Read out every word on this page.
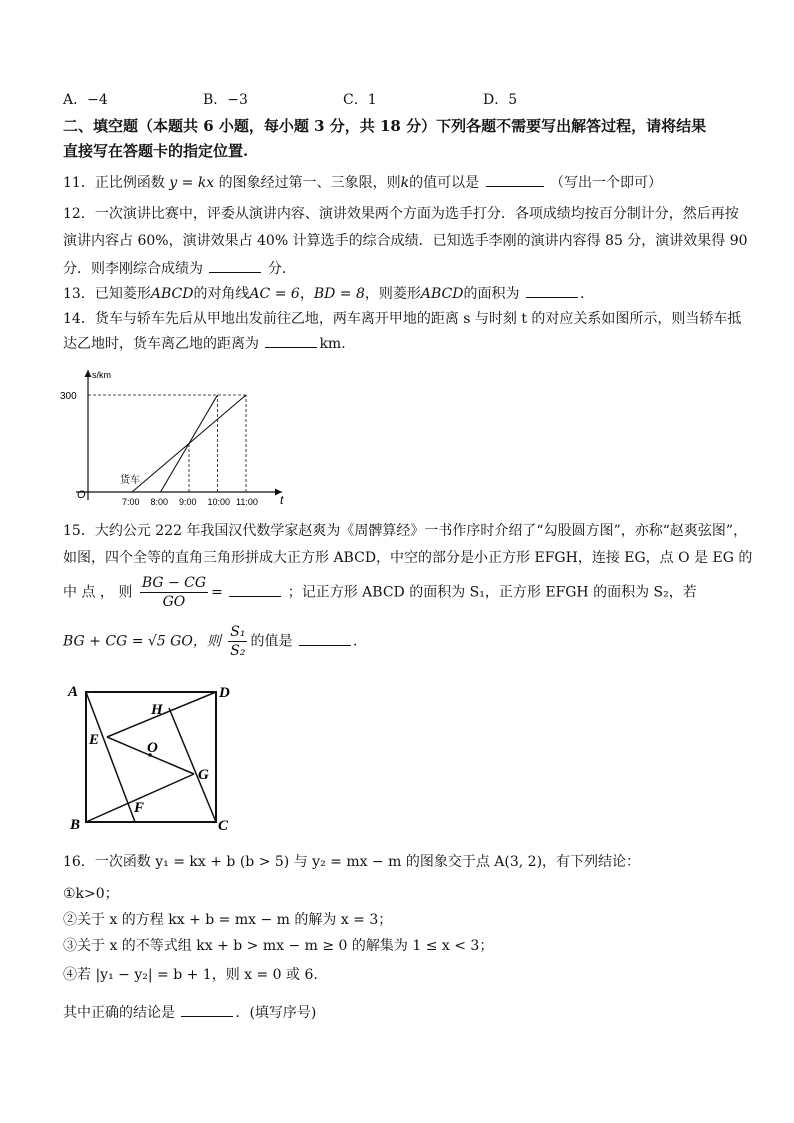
A．−4	B．−3	C．1	D．5
二、填空题（本题共 6 小题，每小题 3 分，共 18 分）下列各题不需要写出解答过程，请将结果
直接写在答题卡的指定位置.
11．正比例函数 y = kx 的图象经过第一、三象限，则k的值可以是	（写出一个即可）
12．一次演讲比赛中，评委从演讲内容、演讲效果两个方面为选手打分．各项成绩均按百分制计分，然后再按
演讲内容占 60%，演讲效果占 40% 计算选手的综合成绩．已知选手李刚的演讲内容得 85 分，演讲效果得 90
分．则李刚综合成绩为	分．
13．已知菱形ABCD的对角线AC = 6，BD = 8，则菱形ABCD的面积为	．
14．货车与轿车先后从甲地出发前往乙地，两车离开甲地的距离 s 与时刻 t 的对应关系如图所示，则当轿车抵
达乙地时，货车离乙地的距离为	km.
s/km
t
O
300
7:00 8:00 9:00 10:00 11:00
货车
15．大约公元 222 年我国汉代数学家赵爽为《周髀算经》一书作序时介绍了“勾股圆方图”，亦称“赵爽弦图”，
如图，四个全等的直角三角形拼成大正方形 ABCD，中空的部分是小正方形 EFGH，连接 EG，点 O 是 EG 的
中 点 ， 则 $\frac{BG - CG}{GO}$ =	；记正方形 ABCD 的面积为 S₁，正方形 EFGH 的面积为 S₂，若
BG + CG = √5 GO，则 $\frac{\text{S₁}}{\text{S₂}}$ 的值是	．
A
B	C
D
E
F
G
H
O
16．一次函数 y₁ = kx + b (b > 5) 与 y₂ = mx − m 的图象交于点 A(3, 2)，有下列结论：
①k>0；
②关于 x 的方程 kx + b = mx − m 的解为 x = 3；
③关于 x 的不等式组 kx + b > mx − m ≥ 0 的解集为 1 ≤ x < 3；
④若 |y₁ − y₂| = b + 1，则 x = 0 或 6．
其中正确的结论是	．(填写序号)
